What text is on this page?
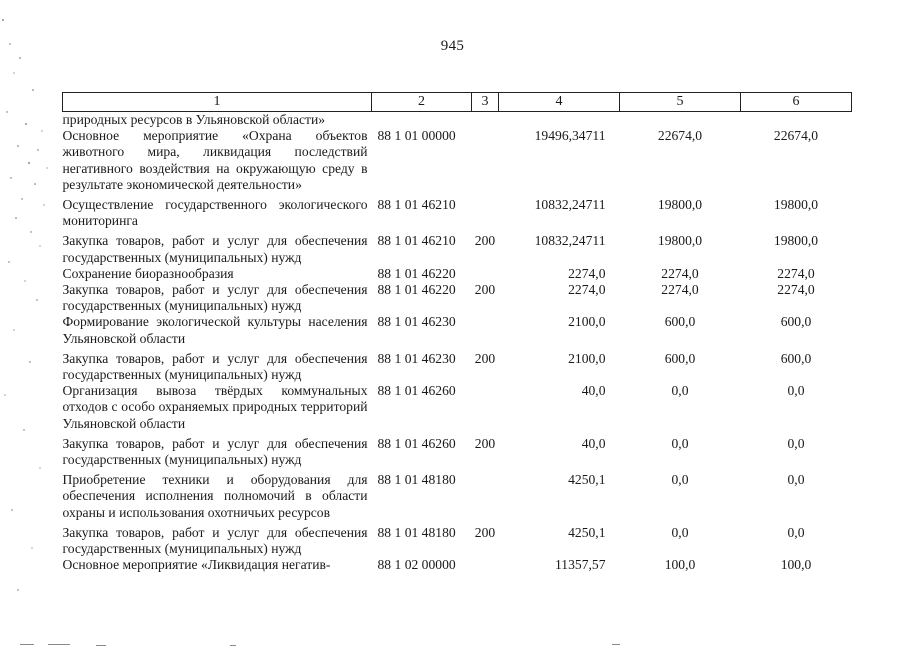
945
1	2	3	4	5	6
природных ресурсов в Ульяновской области»					
Основное мероприятие «Охрана объектов животного мира, ликвидация последствий негативного воздействия на окружающую среду в результате экономической деятельности»	88 1 01 00000		19496,34711	22674,0	22674,0
Осуществление государственного экологического мониторинга	88 1 01 46210		10832,24711	19800,0	19800,0
Закупка товаров, работ и услуг для обеспечения государственных (муниципальных) нужд	88 1 01 46210	200	10832,24711	19800,0	19800,0
Сохранение биоразнообразия	88 1 01 46220		2274,0	2274,0	2274,0
Закупка товаров, работ и услуг для обеспечения государственных (муниципальных) нужд	88 1 01 46220	200	2274,0	2274,0	2274,0
Формирование экологической культуры населения Ульяновской области	88 1 01 46230		2100,0	600,0	600,0
Закупка товаров, работ и услуг для обеспечения государственных (муниципальных) нужд	88 1 01 46230	200	2100,0	600,0	600,0
Организация вывоза твёрдых коммунальных отходов с особо охраняемых природных территорий Ульяновской области	88 1 01 46260		40,0	0,0	0,0
Закупка товаров, работ и услуг для обеспечения государственных (муниципальных) нужд	88 1 01 46260	200	40,0	0,0	0,0
Приобретение техники и оборудования для обеспечения исполнения полномочий в области охраны и использования охотничьих ресурсов	88 1 01 48180		4250,1	0,0	0,0
Закупка товаров, работ и услуг для обеспечения государственных (муниципальных) нужд	88 1 01 48180	200	4250,1	0,0	0,0
Основное мероприятие «Ликвидация негатив-	88 1 02 00000		11357,57	100,0	100,0
